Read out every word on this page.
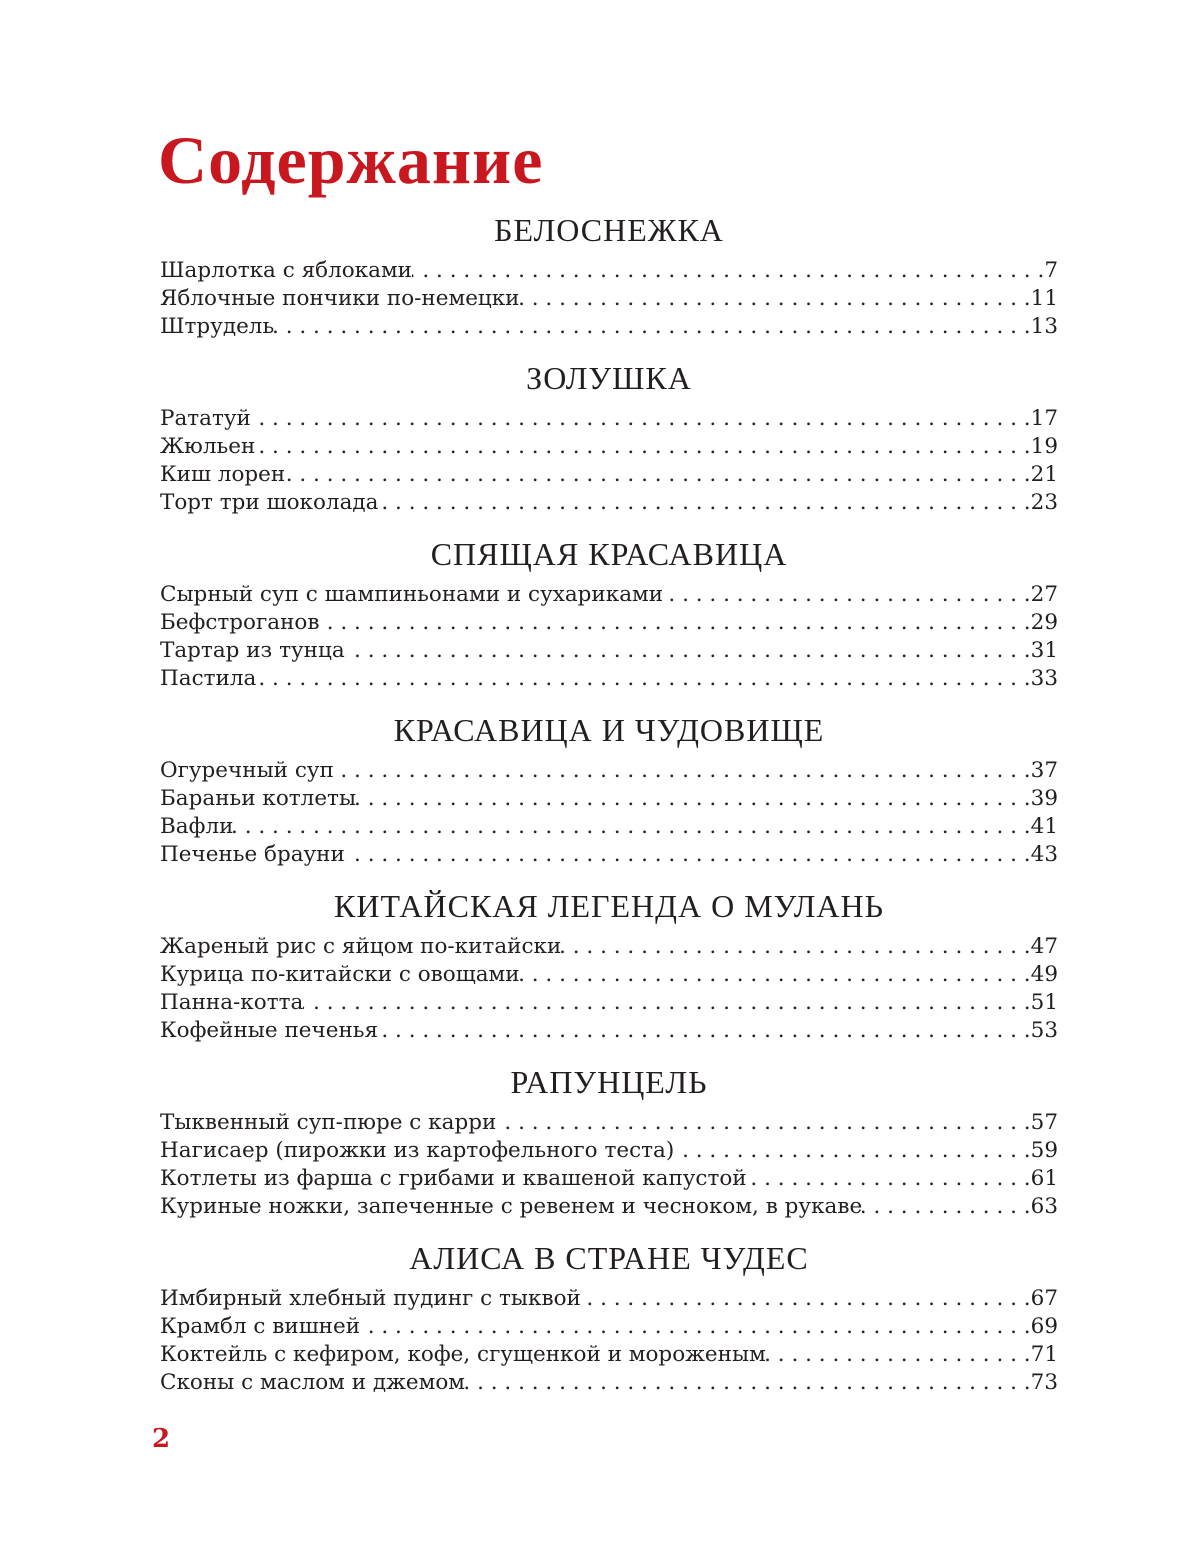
Содержание
БЕЛОСНЕЖКА
Шарлотка с яблоками . . .	7
Яблочные пончики по-немецки . . .	11
Штрудель . . .	13
ЗОЛУШКА
Рататуй . . .	17
Жюльен . . .	19
Киш лорен . . .	21
Торт три шоколада . . .	23
СПЯЩАЯ КРАСАВИЦА
Сырный суп с шампиньонами и сухариками . . .	27
Бефстроганов . . .	29
Тартар из тунца . . .	31
Пастила . . .	33
КРАСАВИЦА И ЧУДОВИЩЕ
Огуречный суп . . .	37
Бараньи котлеты . . .	39
Вафли . . .	41
Печенье брауни . . .	43
КИТАЙСКАЯ ЛЕГЕНДА О МУЛАНЬ
Жареный рис с яйцом по-китайски . . .	47
Курица по-китайски с овощами . . .	49
Панна-котта . . .	51
Кофейные печенья . . .	53
РАПУНЦЕЛЬ
Тыквенный суп-пюре с карри . . .	57
Нагисаер (пирожки из картофельного теста) . . .	59
Котлеты из фарша с грибами и квашеной капустой . . .	61
Куриные ножки, запеченные с ревенем и чесноком, в рукаве . . .	63
АЛИСА В СТРАНЕ ЧУДЕС
Имбирный хлебный пудинг с тыквой . . .	67
Крамбл с вишней . . .	69
Коктейль с кефиром, кофе, сгущенкой и мороженым . . .	71
Сконы с маслом и джемом . . .	73
2
